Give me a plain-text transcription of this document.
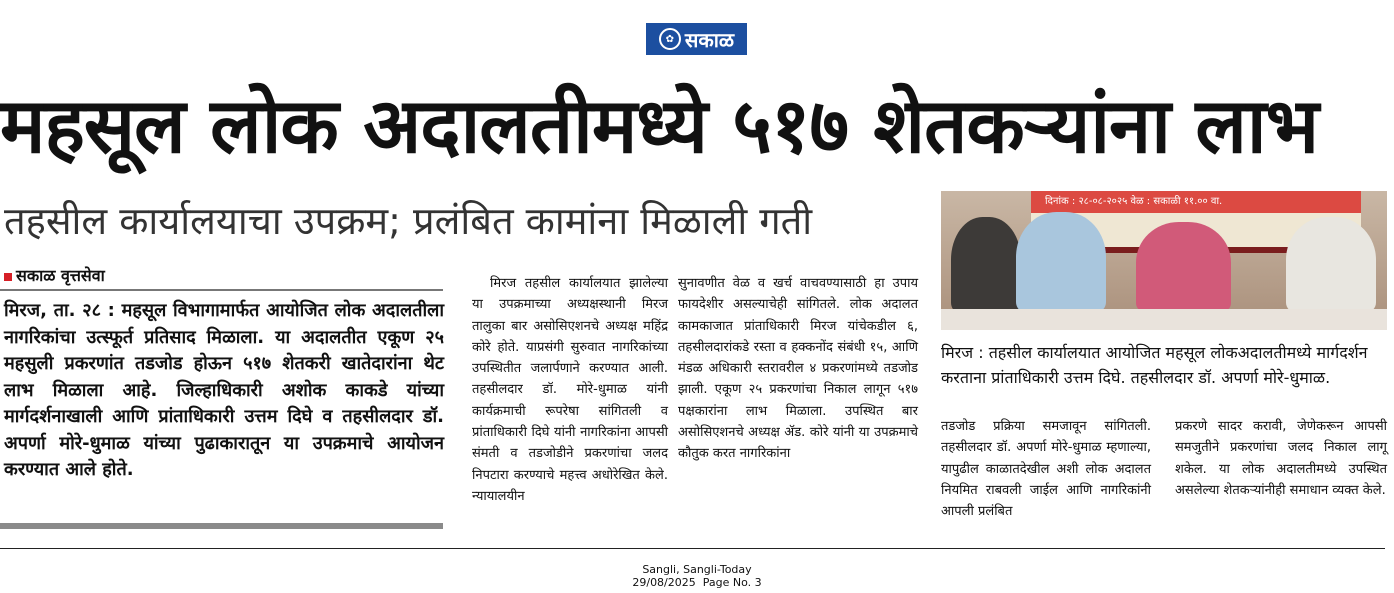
✿ सकाळ
महसूल लोक अदालतीमध्ये ५१७ शेतकऱ्यांना लाभ
तहसील कार्यालयाचा उपक्रम; प्रलंबित कामांना मिळाली गती
सकाळ वृत्तसेवा
मिरज, ता. २८ : महसूल विभागामार्फत आयोजित लोक अदालतीला नागरिकांचा उत्स्फूर्त प्रतिसाद मिळाला. या अदालतीत एकूण २५ महसुली प्रकरणांत तडजोड होऊन ५१७ शेतकरी खातेदारांना थेट लाभ मिळाला आहे. जिल्हाधिकारी अशोक काकडे यांच्या मार्गदर्शनाखाली आणि प्रांताधिकारी उत्तम दिघे व तहसीलदार डॉ. अपर्णा मोरे-धुमाळ यांच्या पुढाकारातून या उपक्रमाचे आयोजन करण्यात आले होते.

मिरज तहसील कार्यालयात झालेल्या या उपक्रमाच्या अध्यक्षस्थानी मिरज तालुका बार असोसिएशनचे अध्यक्ष महिंद्र कोरे होते. याप्रसंगी सुरुवात नागरिकांच्या उपस्थितीत जलार्पणाने करण्यात आली. तहसीलदार डॉ. मोरे-धुमाळ यांनी कार्यक्रमाची रूपरेषा सांगितली व प्रांताधिकारी दिघे यांनी नागरिकांना आपसी संमती व तडजोडीने प्रकरणांचा जलद निपटारा करण्याचे महत्त्व अधोरेखित केले. न्यायालयीन

सुनावणीत वेळ व खर्च वाचवण्यासाठी हा उपाय फायदेशीर असल्याचेही सांगितले. लोक अदालत कामकाजात प्रांताधिकारी मिरज यांचेकडील ६, तहसीलदारांकडे रस्ता व हक्कनोंद संबंधी १५, आणि मंडळ अधिकारी स्तरावरील ४ प्रकरणांमध्ये तडजोड झाली. एकूण २५ प्रकरणांचा निकाल लागून ५१७ पक्षकारांना लाभ मिळाला. उपस्थित बार असोसिएशनचे अध्यक्ष ॲड. कोरे यांनी या उपक्रमाचे कौतुक करत नागरिकांना

दिनांक : २८-०८-२०२५ वेळ : सकाळी ११.०० वा.
मिरज : तहसील कार्यालयात आयोजित महसूल लोकअदालतीमध्ये मार्गदर्शन करताना प्रांताधिकारी उत्तम दिघे. तहसीलदार डॉ. अपर्णा मोरे-धुमाळ.

तडजोड प्रक्रिया समजावून सांगितली. तहसीलदार डॉ. अपर्णा मोरे-धुमाळ म्हणाल्या, यापुढील काळातदेखील अशी लोक अदालत नियमित राबवली जाईल आणि नागरिकांनी आपली प्रलंबित

प्रकरणे सादर करावी, जेणेकरून आपसी समजुतीने प्रकरणांचा जलद निकाल लागू शकेल. या लोक अदालतीमध्ये उपस्थित असलेल्या शेतकऱ्यांनीही समाधान व्यक्त केले.

Sangli, Sangli-Today
29/08/2025  Page No. 3
